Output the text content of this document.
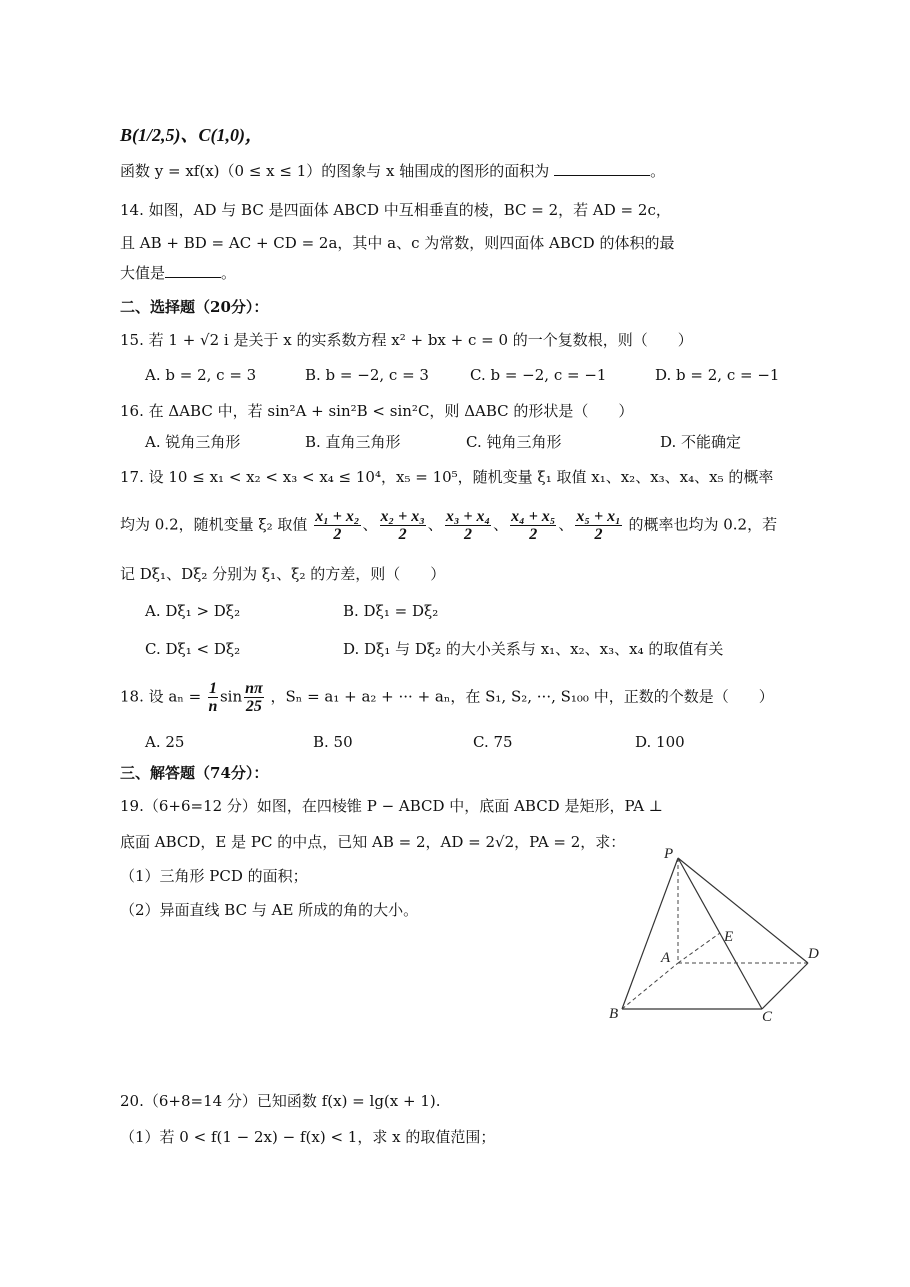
B(1/2,5)、C(1,0)，
函数 y = xf(x)（0 ≤ x ≤ 1）的图象与 x 轴围成的图形的面积为	。
14. 如图，AD 与 BC 是四面体 ABCD 中互相垂直的棱，BC = 2，若 AD = 2c，
且 AB + BD = AC + CD = 2a，其中 a、c 为常数，则四面体 ABCD 的体积的最
大值是	。
二、选择题（20分）：
15. 若 1 + √2 i 是关于 x 的实系数方程 x² + bx + c = 0 的一个复数根，则（　　）
A. b = 2, c = 3	B. b = −2, c = 3	C. b = −2, c = −1	D. b = 2, c = −1
16. 在 ΔABC 中，若 sin²A + sin²B < sin²C，则 ΔABC 的形状是（　　）
A. 锐角三角形	B. 直角三角形	C. 钝角三角形	D. 不能确定
17. 设 10 ≤ x₁ < x₂ < x₃ < x₄ ≤ 10⁴，x₅ = 10⁵，随机变量 ξ₁ 取值 x₁、x₂、x₃、x₄、x₅ 的概率
均为 0.2，随机变量 ξ₂ 取值 $\frac{\text{x₁ + x₂}}{2}$ 、 $\frac{\text{x₂ + x₃}}{2}$ 、 $\frac{\text{x₃ + x₄}}{2}$ 、 $\frac{\text{x₄ + x₅}}{2}$ 、 $\frac{\text{x₅ + x₁}}{2}$ 的概率也均为 0.2，若
记 Dξ₁、Dξ₂ 分别为 ξ₁、ξ₂ 的方差，则（　　）
A. Dξ₁ > Dξ₂	B. Dξ₁ = Dξ₂
C. Dξ₁ < Dξ₂	D. Dξ₁ 与 Dξ₂ 的大小关系与 x₁、x₂、x₃、x₄ 的取值有关
18. 设 $a_n = \frac{1}{n}$ $\sin \frac{n\pi}{25}$ ，Sₙ = a₁ + a₂ + ··· + aₙ，在 S₁, S₂, ···, S₁₀₀ 中，正数的个数是（　　）
A. 25	B. 50	C. 75	D. 100
三、解答题（74分）：
19.（6+6=12 分）如图，在四棱锥 P − ABCD 中，底面 ABCD 是矩形，PA ⊥
底面 ABCD，E 是 PC 的中点，已知 AB = 2，AD = 2√2，PA = 2，求：
（1）三角形 PCD 的面积；
（2）异面直线 BC 与 AE 所成的角的大小。
P
A
B	C
D
E
20.（6+8=14 分）已知函数 f(x) = lg(x + 1).
（1）若 0 < f(1 − 2x) − f(x) < 1，求 x 的取值范围；
